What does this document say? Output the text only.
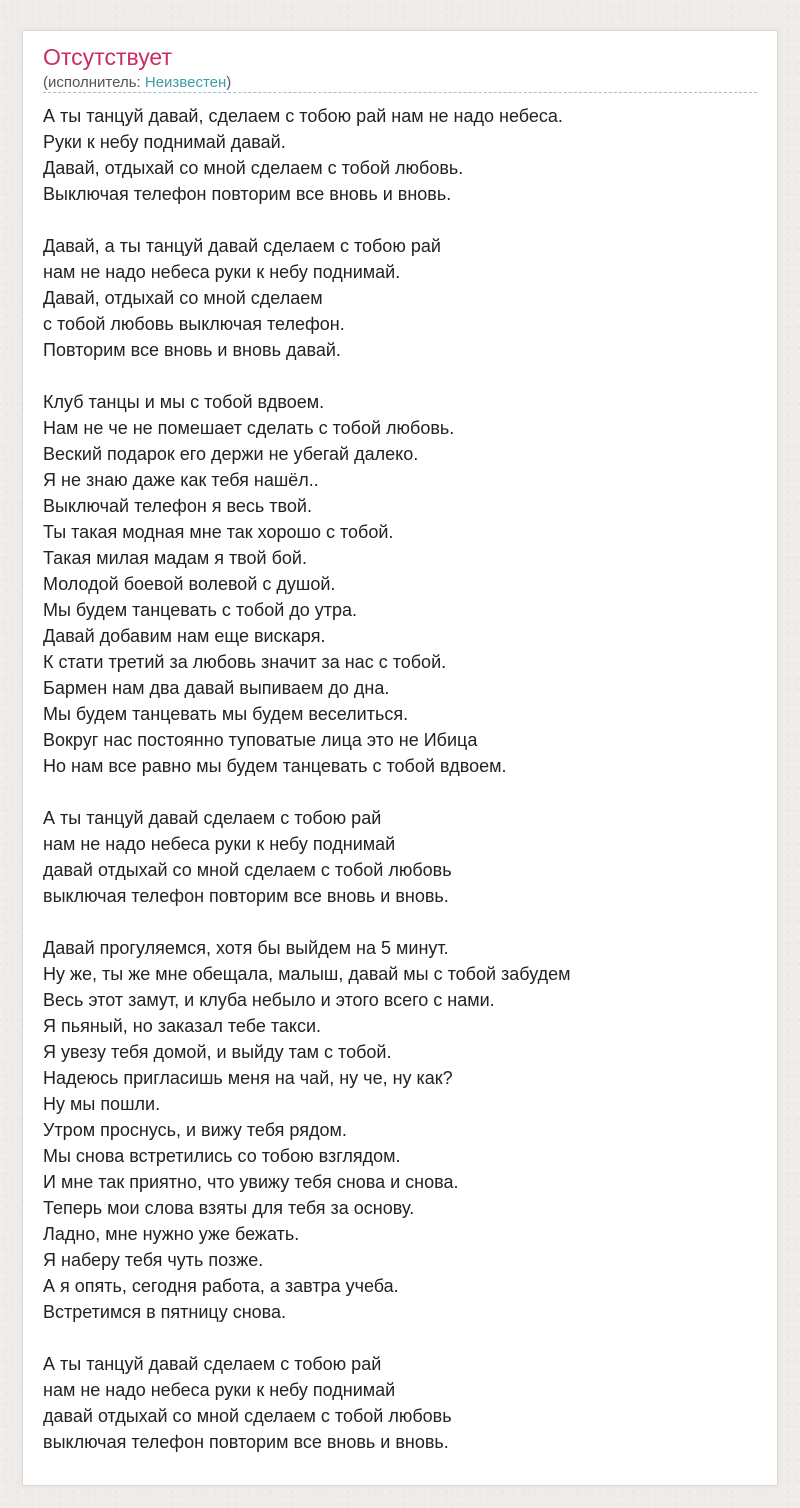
Отсутствует
(исполнитель: Неизвестен)
А ты танцуй давай, сделаем с тобою рай нам не надо небеса.
Руки к небу поднимай давай.
Давай, отдыхай со мной сделаем с тобой любовь.
Выключая телефон повторим все вновь и вновь.
Давай, а ты танцуй давай сделаем с тобою рай
нам не надо небеса руки к небу поднимай.
Давай, отдыхай со мной сделаем
с тобой любовь выключая телефон.
Повторим все вновь и вновь давай.
Клуб танцы и мы с тобой вдвоем.
Нам не че не помешает сделать с тобой любовь.
Веский подарок его держи не убегай далеко.
Я не знаю даже как тебя нашёл..
Выключай телефон я весь твой.
Ты такая модная мне так хорошо с тобой.
Такая милая мадам я твой бой.
Молодой боевой волевой с душой.
Мы будем танцевать с тобой до утра.
Давай добавим нам еще вискаря.
К стати третий за любовь значит за нас с тобой.
Бармен нам два давай выпиваем до дна.
Мы будем танцевать мы будем веселиться.
Вокруг нас постоянно туповатые лица это не Ибица
Но нам все равно мы будем танцевать с тобой вдвоем.
А ты танцуй давай сделаем с тобою рай
нам не надо небеса руки к небу поднимай
давай отдыхай со мной сделаем с тобой любовь
выключая телефон повторим все вновь и вновь.
Давай прогуляемся, хотя бы выйдем на 5 минут.
Ну же, ты же мне обещала, малыш, давай мы с тобой забудем
Весь этот замут, и клуба небыло и этого всего с нами.
Я пьяный, но заказал тебе такси.
Я увезу тебя домой, и выйду там с тобой.
Надеюсь пригласишь меня на чай, ну че, ну как?
Ну мы пошли.
Утром проснусь, и вижу тебя рядом.
Мы снова встретились со тобою взглядом.
И мне так приятно, что увижу тебя снова и снова.
Теперь мои слова взяты для тебя за основу.
Ладно, мне нужно уже бежать.
Я наберу тебя чуть позже.
А я опять, сегодня работа, а завтра учеба.
Встретимся в пятницу снова.
А ты танцуй давай сделаем с тобою рай
нам не надо небеса руки к небу поднимай
давай отдыхай со мной сделаем с тобой любовь
выключая телефон повторим все вновь и вновь.
